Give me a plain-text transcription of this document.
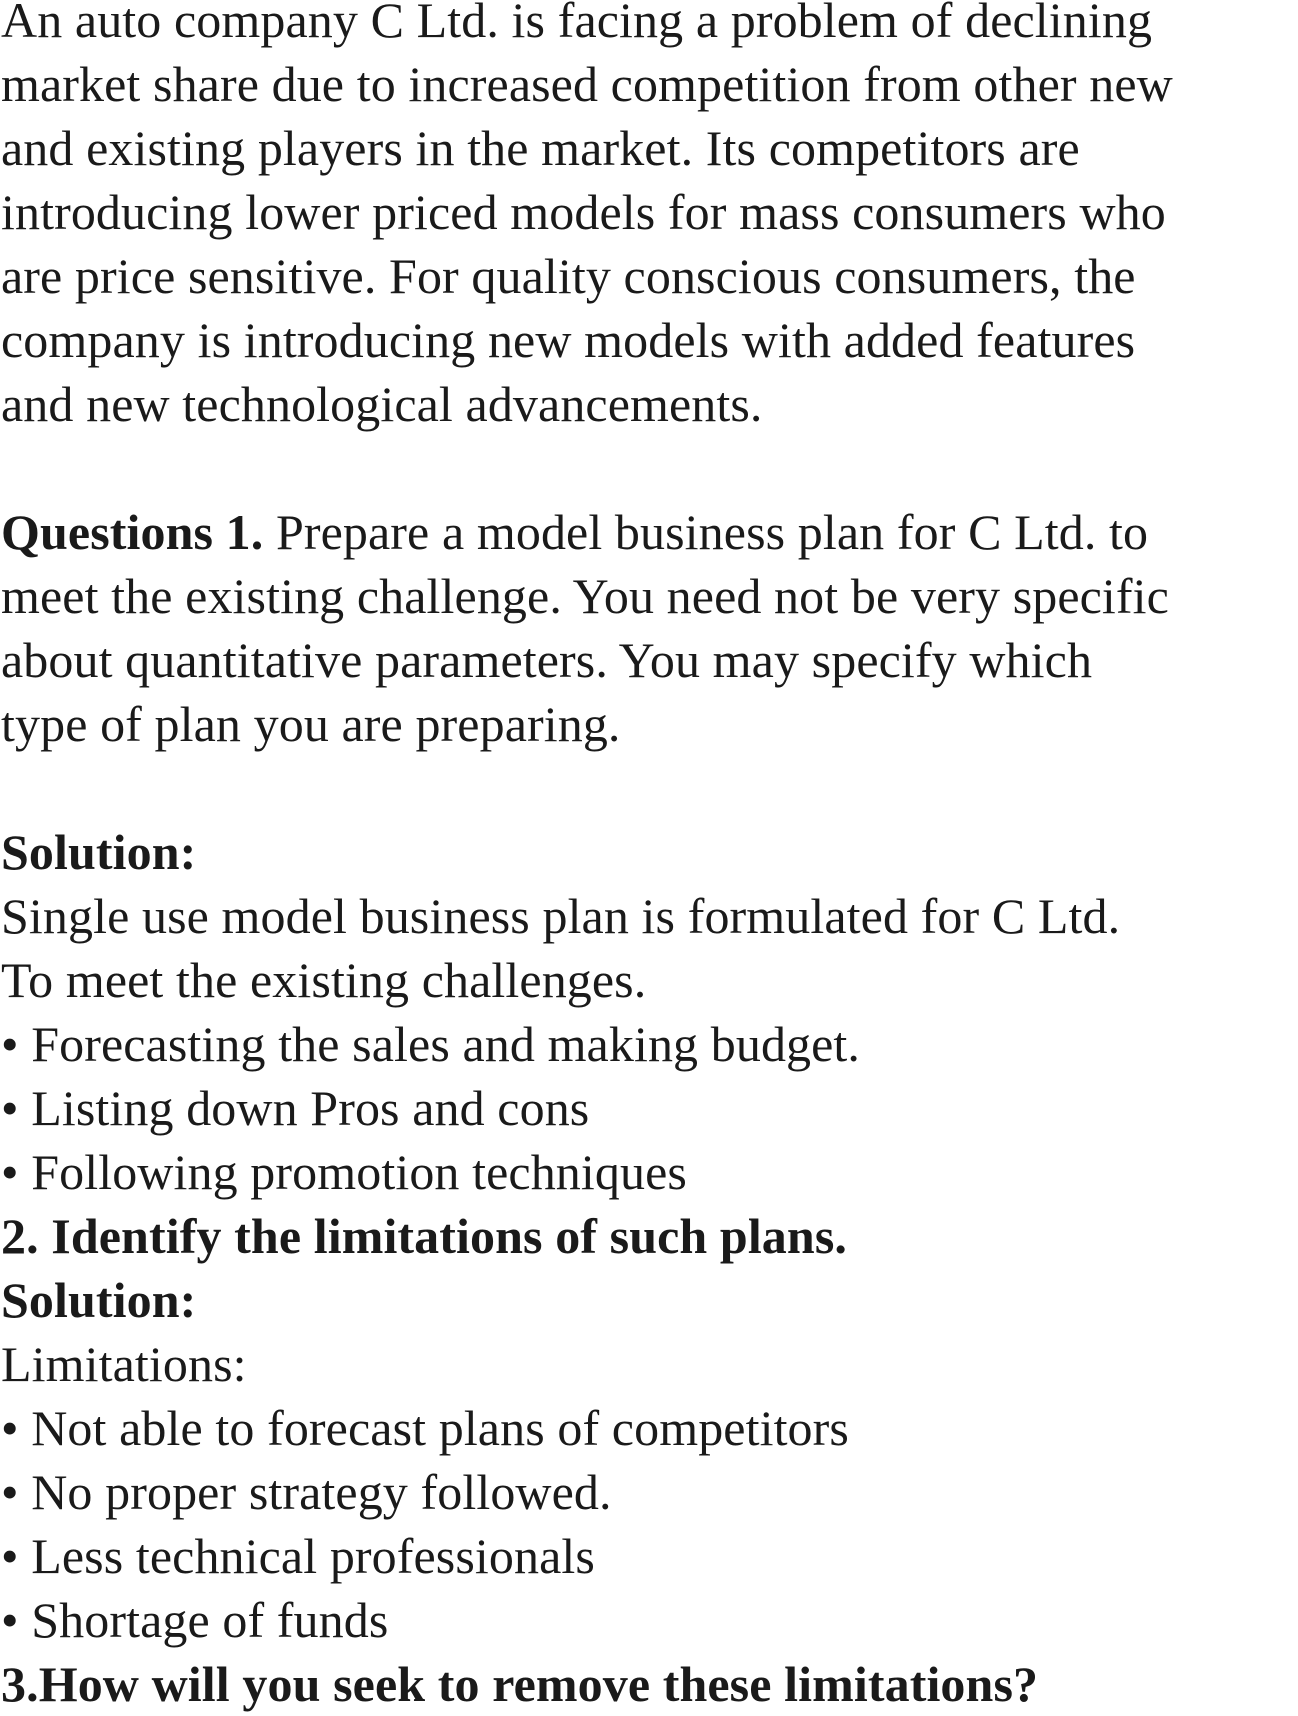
An auto company C Ltd. is facing a problem of declining
market share due to increased competition from other new
and existing players in the market. Its competitors are
introducing lower priced models for mass consumers who
are price sensitive. For quality conscious consumers, the
company is introducing new models with added features
and new technological advancements.
Questions 1. Prepare a model business plan for C Ltd. to
meet the existing challenge. You need not be very specific
about quantitative parameters. You may specify which
type of plan you are preparing.
Solution:
Single use model business plan is formulated for C Ltd.
To meet the existing challenges.
• Forecasting the sales and making budget.
• Listing down Pros and cons
• Following promotion techniques
2. Identify the limitations of such plans.
Solution:
Limitations:
• Not able to forecast plans of competitors
• No proper strategy followed.
• Less technical professionals
• Shortage of funds
3.How will you seek to remove these limitations?
